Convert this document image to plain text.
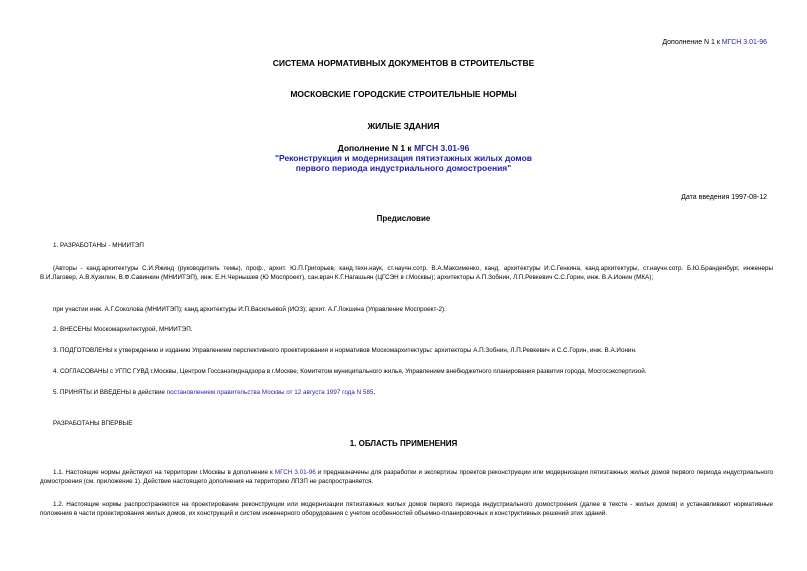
Дополнение N 1 к МГСН 3.01-96
СИСТЕМА НОРМАТИВНЫХ ДОКУМЕНТОВ В СТРОИТЕЛЬСТВЕ
МОСКОВСКИЕ ГОРОДСКИЕ СТРОИТЕЛЬНЫЕ НОРМЫ
ЖИЛЫЕ ЗДАНИЯ
Дополнение N 1 к МГСН 3.01-96
"Реконструкция и модернизация пятиэтажных жилых домов
первого периода индустриального домостроения"
Дата введения 1997-08-12
Предисловие
1. РАЗРАБОТАНЫ - МНИИТЭП
(Авторы - канд.архитектуры С.И.Яжинд (руководитель темы), проф., архит. Ю.П.Григорьев, канд.техн.наук, ст.научн.сотр. В.А.Максименко, канд. архитектуры И.С.Генкина, канд.архитектуры, ст.научн.сотр. Б.Ю.Бранденбург, инженеры В.И.Лаговер, А.В.Кузилин, В.Ф.Савинкин (МНИИТЭП), инж. Е.Н.Чернышев (Ю Моспроект), сан.врач К.Г.Нагашьян (ЦГСЭН в г.Москвы); архитекторы А.П.Зобнин, Л.П.Ревкевич С.С.Горин, инж. В.А.Ионин (МКА);
при участии инж. А.Г.Соколова (МНИИТЭП); канд.архитектуры И.П.Васильевой (ИОЗ); архит. А.Г.Локшина (Управление Моспроект-2).
2. ВНЕСЕНЫ Москомархитектурой, МНИИТЭП.
3. ПОДГОТОВЛЕНЫ к утверждению и изданию Управлением перспективного проектирования и нормативов Москомархитектуры: архитекторы А.П.Зобнин, Л.П.Ревкевич и С.С.Горин, инж. В.А.Ионин.
4. СОГЛАСОВАНЫ с УГПС ГУВД г.Москвы, Центром Госсанэпиднадзора в г.Москве, Комитетом муниципального жилья, Управлением внебюджетного планирования развития города, Мосгосэкспертизой.
5. ПРИНЯТЫ И ВВЕДЕНЫ в действие постановлением правительства Москвы от 12 августа 1997 года N 585.
РАЗРАБОТАНЫ ВПЕРВЫЕ
1. ОБЛАСТЬ ПРИМЕНЕНИЯ
1.1. Настоящие нормы действуют на территории г.Москвы в дополнение к МГСН 3.01-96 и предназначены для разработки и экспертизы проектов реконструкции или модернизации пятиэтажных жилых домов первого периода индустриального домостроения (см. приложение 1). Действие настоящего дополнения на территорию ЛПЗП не распространяется.
1.2. Настоящие нормы распространяются на проектирование реконструкции или модернизации пятиэтажных жилых домов первого периода индустриального домостроения (далее в тексте - жилых домов) и устанавливают нормативные положения в части проектирования жилых домов, их конструкций и систем инженерного оборудования с учетом особенностей объемно-планировочных и конструктивных решений этих зданий.
